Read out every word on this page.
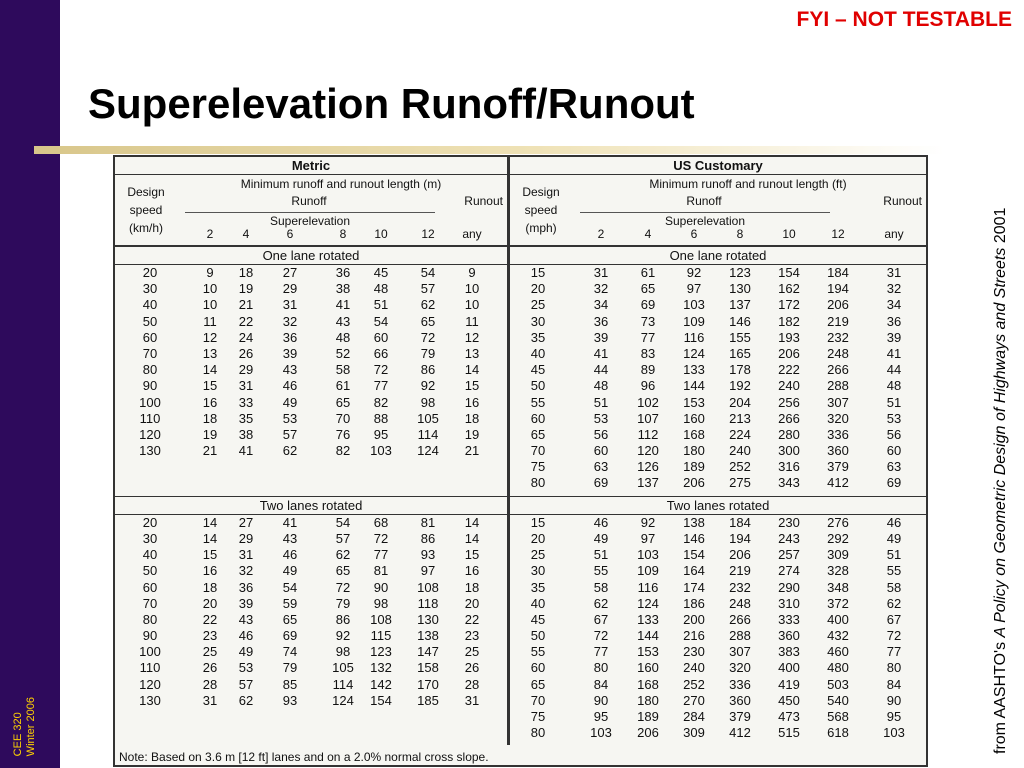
CEE 320 Winter 2006
FYI – NOT TESTABLE
Superelevation Runoff/Runout
from AASHTO's A Policy on Geometric Design of Highways and Streets 2001
Metric
Design
speed
(km/h)
Minimum runoff and runout length (m)
Runoff	Runout
Superelevation
2	4	6	8	10	12	any
One lane rotated
20	9	18	27	36	45	54	9
30	10	19	29	38	48	57	10
40	10	21	31	41	51	62	10
50	11	22	32	43	54	65	11
60	12	24	36	48	60	72	12
70	13	26	39	52	66	79	13
80	14	29	43	58	72	86	14
90	15	31	46	61	77	92	15
100	16	33	49	65	82	98	16
110	18	35	53	70	88	105	18
120	19	38	57	76	95	114	19
130	21	41	62	82	103	124	21
Two lanes rotated
20	14	27	41	54	68	81	14
30	14	29	43	57	72	86	14
40	15	31	46	62	77	93	15
50	16	32	49	65	81	97	16
60	18	36	54	72	90	108	18
70	20	39	59	79	98	118	20
80	22	43	65	86	108	130	22
90	23	46	69	92	115	138	23
100	25	49	74	98	123	147	25
110	26	53	79	105	132	158	26
120	28	57	85	114	142	170	28
130	31	62	93	124	154	185	31
US Customary
Design
speed
(mph)
Minimum runoff and runout length (ft)
Runoff	Runout
Superelevation
2	4	6	8	10	12	any
One lane rotated
15	31	61	92	123	154	184	31
20	32	65	97	130	162	194	32
25	34	69	103	137	172	206	34
30	36	73	109	146	182	219	36
35	39	77	116	155	193	232	39
40	41	83	124	165	206	248	41
45	44	89	133	178	222	266	44
50	48	96	144	192	240	288	48
55	51	102	153	204	256	307	51
60	53	107	160	213	266	320	53
65	56	112	168	224	280	336	56
70	60	120	180	240	300	360	60
75	63	126	189	252	316	379	63
80	69	137	206	275	343	412	69
Two lanes rotated
15	46	92	138	184	230	276	46
20	49	97	146	194	243	292	49
25	51	103	154	206	257	309	51
30	55	109	164	219	274	328	55
35	58	116	174	232	290	348	58
40	62	124	186	248	310	372	62
45	67	133	200	266	333	400	67
50	72	144	216	288	360	432	72
55	77	153	230	307	383	460	77
60	80	160	240	320	400	480	80
65	84	168	252	336	419	503	84
70	90	180	270	360	450	540	90
75	95	189	284	379	473	568	95
80	103	206	309	412	515	618	103
Note: Based on 3.6 m [12 ft] lanes and on a 2.0% normal cross slope.
